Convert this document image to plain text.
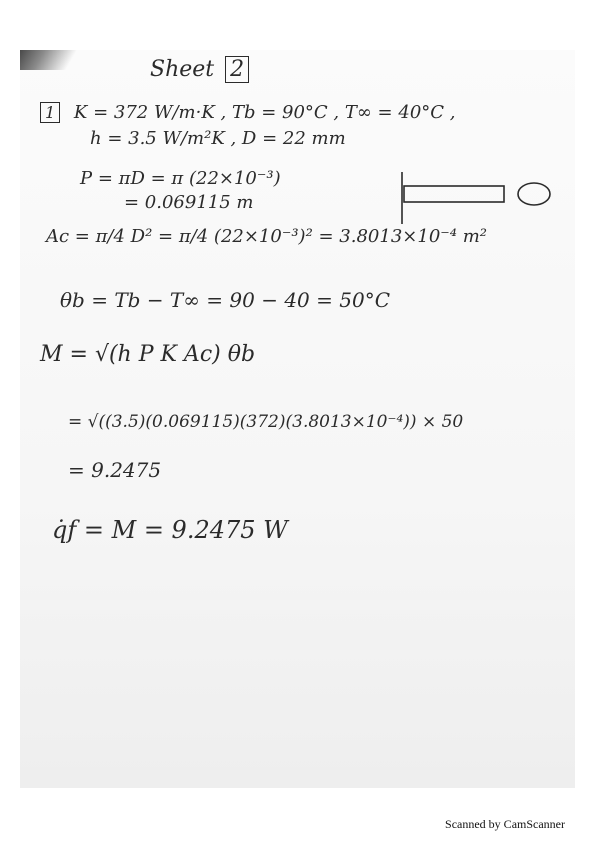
Sheet 2
1 K = 372 W/m·K , Tb = 90°C , T∞ = 40°C ,
h = 3.5 W/m²K , D = 22 mm
P = πD = π (22×10⁻³)
= 0.069115 m
Ac = π/4 D² = π/4 (22×10⁻³)² = 3.8013×10⁻⁴ m²
θb = Tb − T∞ = 90 − 40 = 50°C
M = √(h P K Ac) θb
= √((3.5)(0.069115)(372)(3.8013×10⁻⁴)) × 50
= 9.2475
q̇f = M = 9.2475 W
Scanned by CamScanner
